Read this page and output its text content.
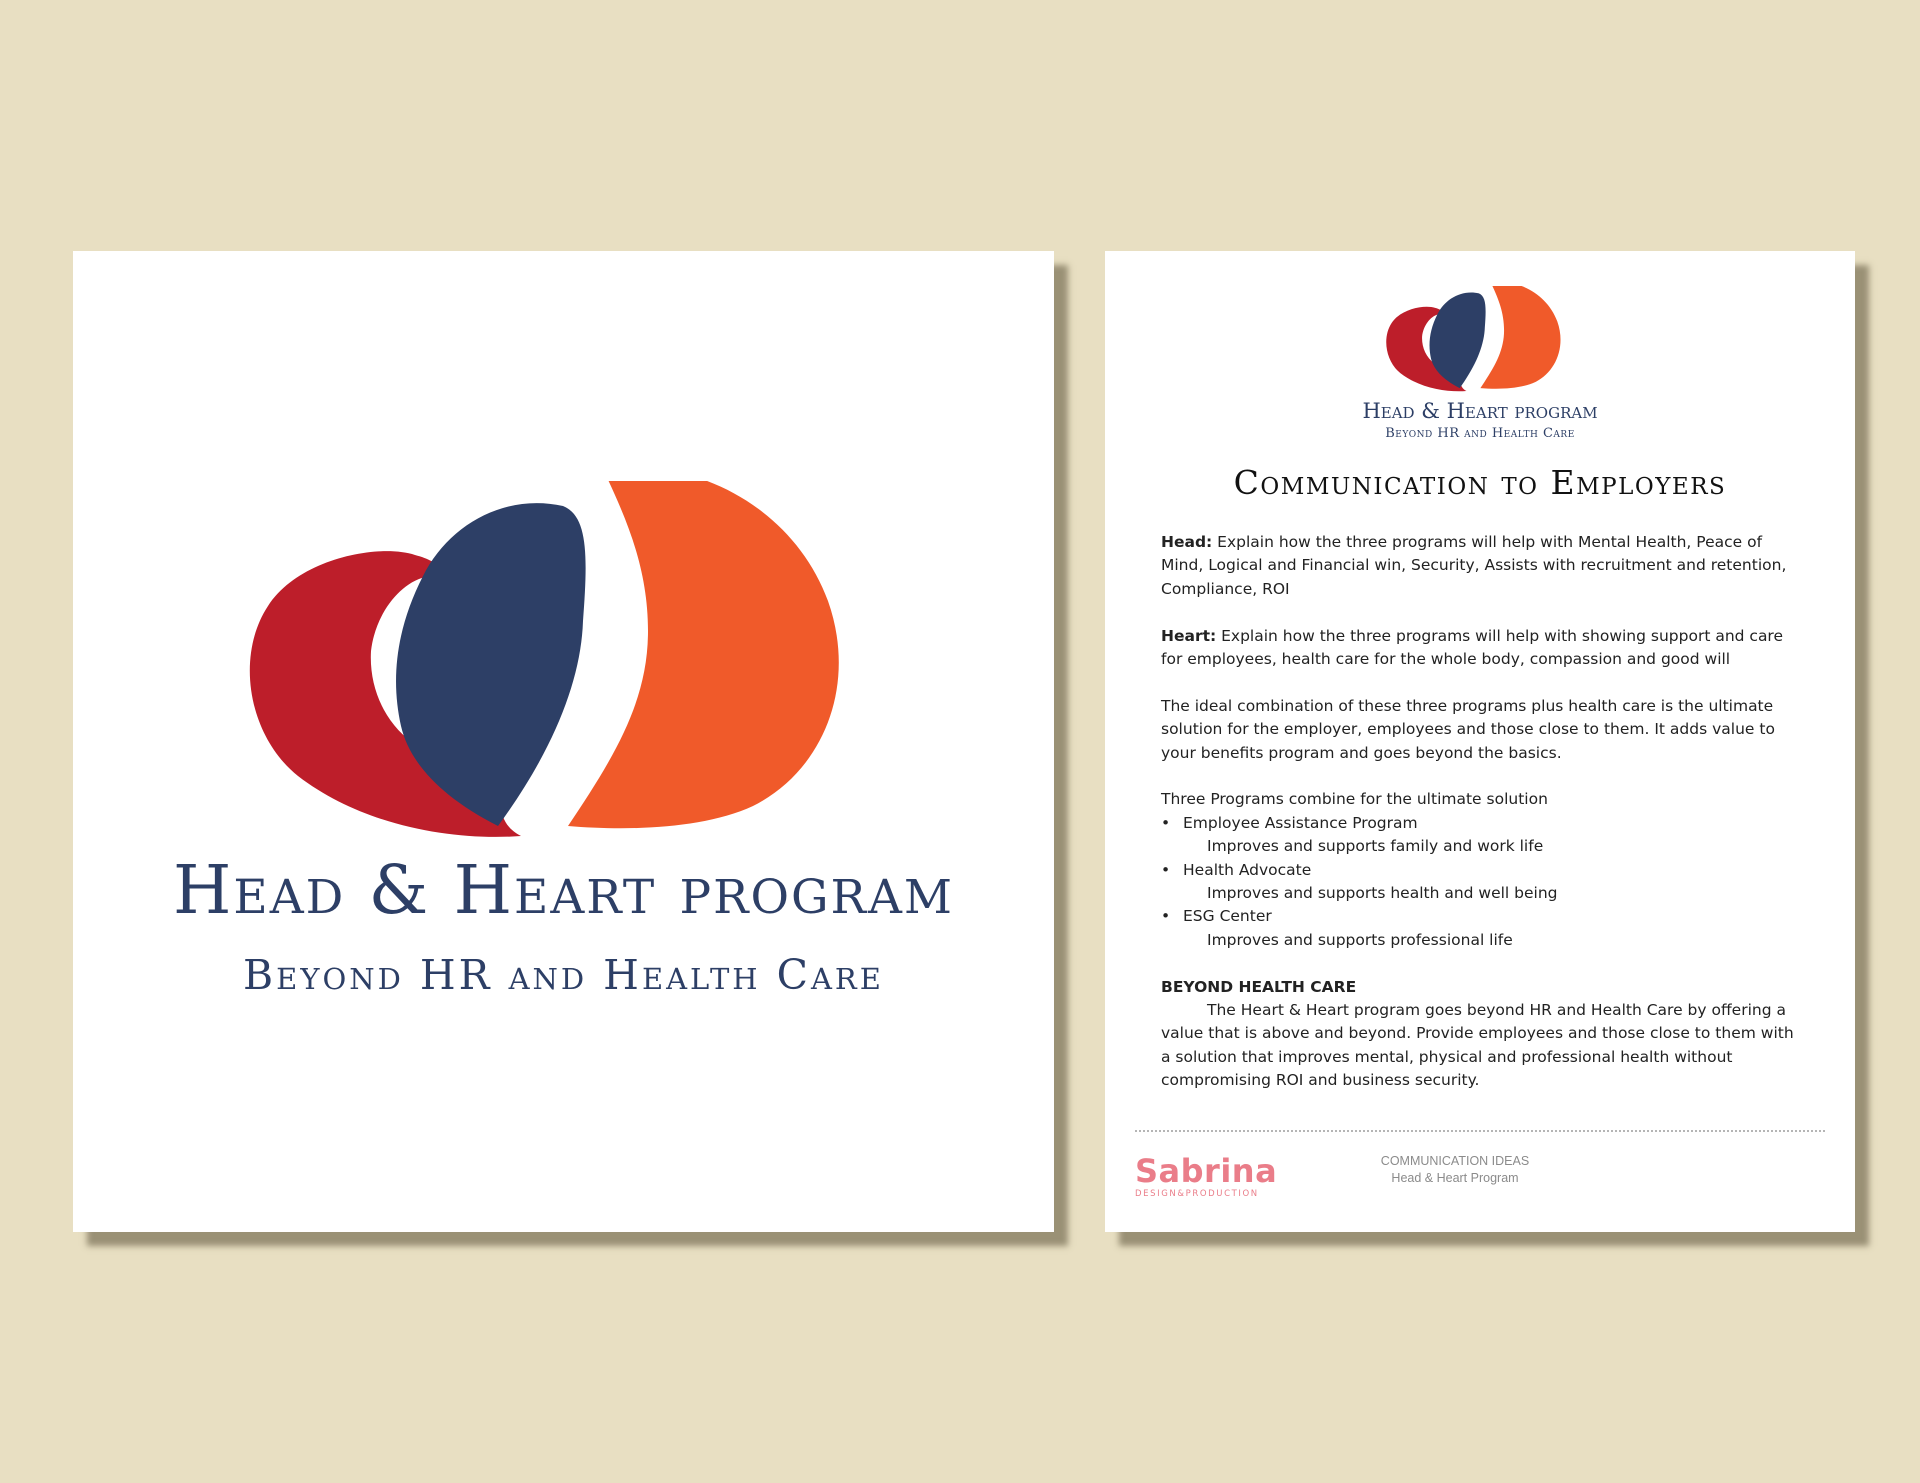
Head & Heart program
Beyond HR and Health Care
Head & Heart program
Beyond HR and Health Care
Communication to Employers

Head: Explain how the three programs will help with Mental Health, Peace of Mind, Logical and Financial win, Security, Assists with recruitment and retention, Compliance, ROI

Heart: Explain how the three programs will help with showing support and care for employees, health care for the whole body, compassion and good will

The ideal combination of these three programs plus health care is the ultimate solution for the employer, employees and those close to them. It adds value to your benefits program and goes beyond the basics.

Three Programs combine for the ultimate solution
• Employee Assistance Program
Improves and supports family and work life
• Health Advocate
Improves and supports health and well being
• ESG Center
Improves and supports professional life
BEYOND HEALTH CARE

The Heart & Heart program goes beyond HR and Health Care by offering a value that is above and beyond. Provide employees and those close to them with a solution that improves mental, physical and professional health without compromising ROI and business security.

Sabrina
DESIGN&PRODUCTION
COMMUNICATION IDEAS
Head & Heart Program
